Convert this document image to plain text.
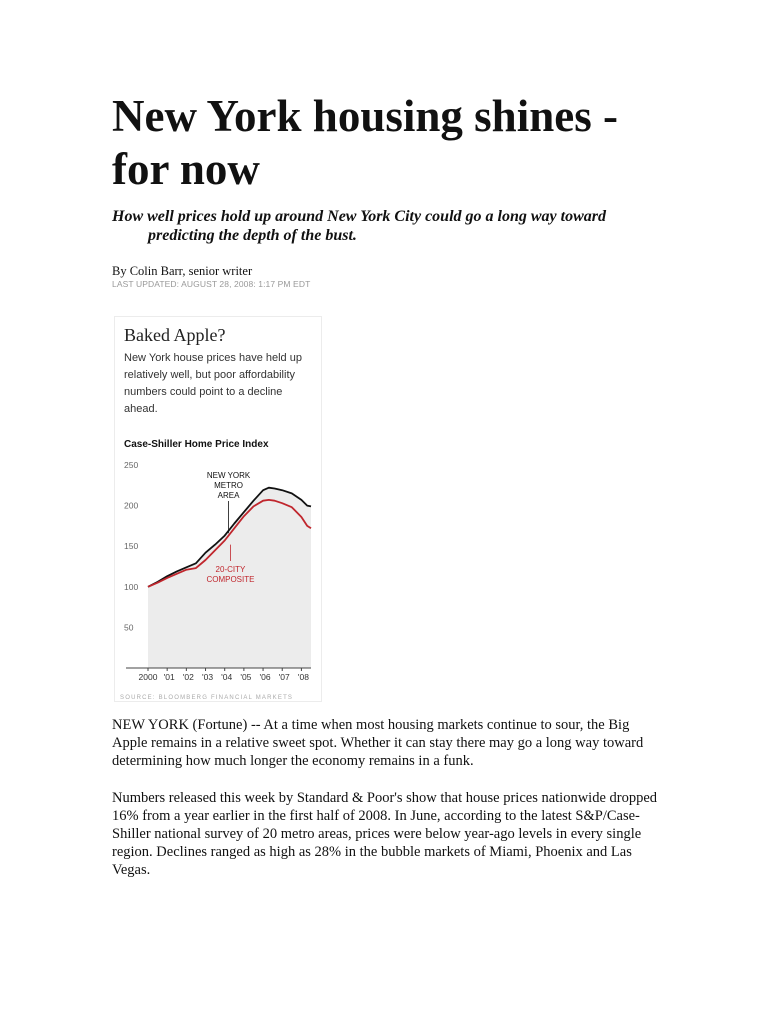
New York housing shines - for now

How well prices hold up around New York City could go a long way toward
predicting the depth of the bust.

By Colin Barr, senior writer

LAST UPDATED: AUGUST 28, 2008: 1:17 PM EDT

Baked Apple?

New York house prices have held up relatively well, but poor affordability numbers could point to a decline ahead.

Case-Shiller Home Price Index

50
100
150
200
250
2000 '01 '02 '03 '04 '05 '06 '07 '08
NEW YORK
METRO
AREA
20-CITY
COMPOSITE
SOURCE: BLOOMBERG FINANCIAL MARKETS

NEW YORK (Fortune) -- At a time when most housing markets continue to sour, the Big Apple remains in a relative sweet spot. Whether it can stay there may go a long way toward determining how much longer the economy remains in a funk.

Numbers released this week by Standard & Poor's show that house prices nationwide dropped 16% from a year earlier in the first half of 2008. In June, according to the latest S&P/Case-Shiller national survey of 20 metro areas, prices were below year-ago levels in every single region. Declines ranged as high as 28% in the bubble markets of Miami, Phoenix and Las Vegas.
